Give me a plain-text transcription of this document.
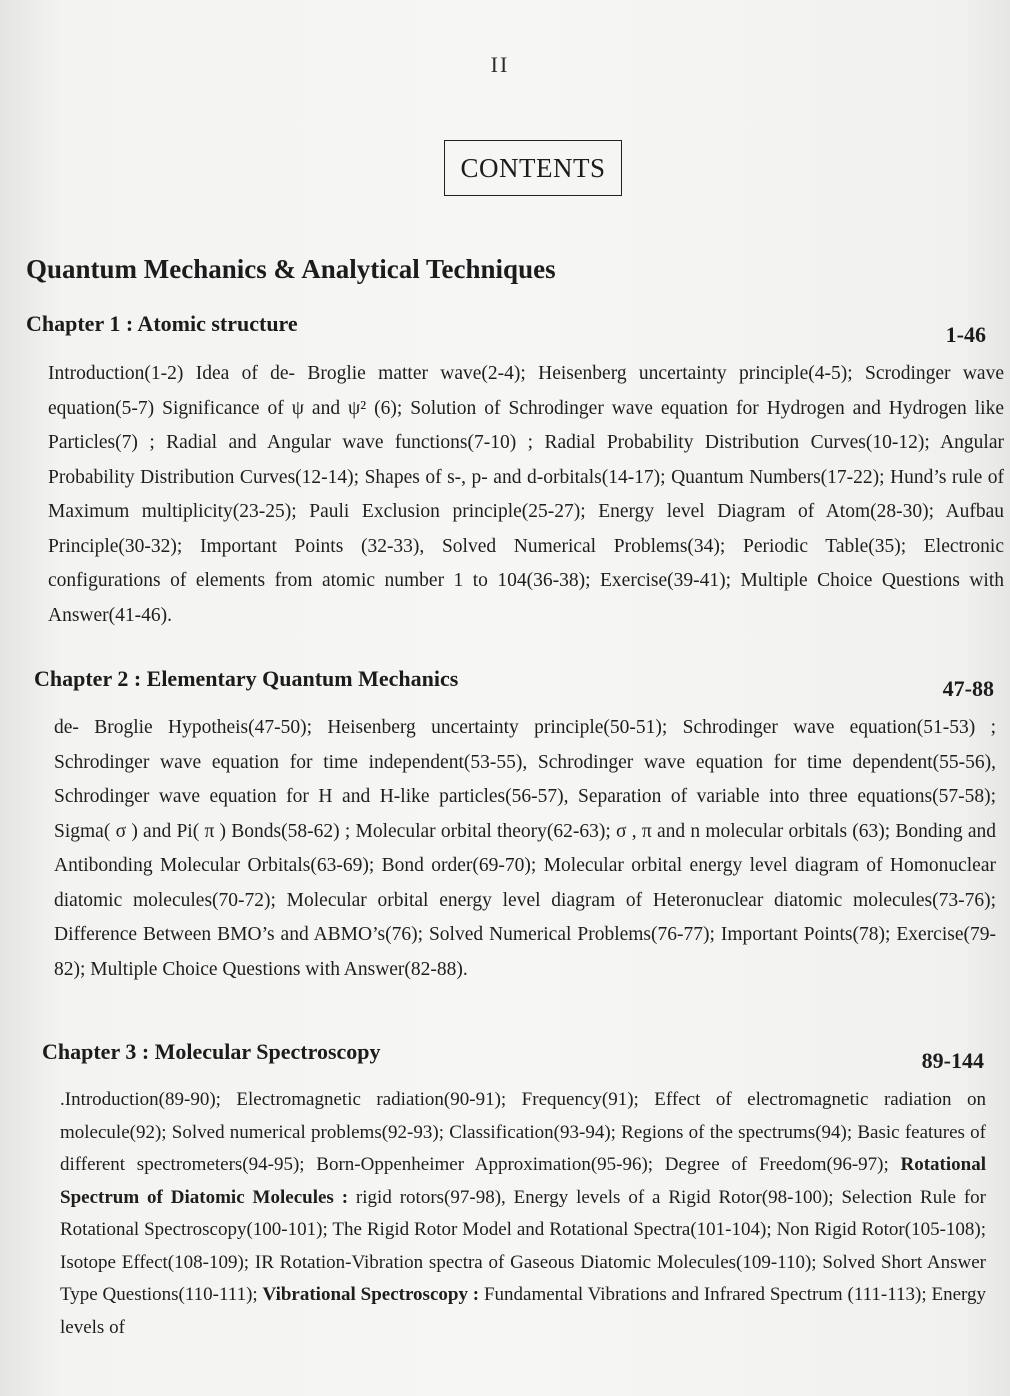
II
CONTENTS
Quantum Mechanics & Analytical Techniques
Chapter 1 : Atomic structure	1-46
Introduction(1-2) Idea of de- Broglie matter wave(2-4); Heisenberg uncertainty principle(4-5); Scrodinger wave equation(5-7) Significance of ψ and ψ² (6); Solution of Schrodinger wave equation for Hydrogen and Hydrogen like Particles(7) ; Radial and Angular wave functions(7-10) ; Radial Probability Distribution Curves(10-12); Angular Probability Distribution Curves(12-14); Shapes of s-, p- and d-orbitals(14-17); Quantum Numbers(17-22); Hund’s rule of Maximum multiplicity(23-25); Pauli Exclusion principle(25-27); Energy level Diagram of Atom(28-30); Aufbau Principle(30-32); Important Points (32-33), Solved Numerical Problems(34); Periodic Table(35); Electronic configurations of elements from atomic number 1 to 104(36-38); Exercise(39-41); Multiple Choice Questions with Answer(41-46).
Chapter 2 : Elementary Quantum Mechanics	47-88
de- Broglie Hypotheis(47-50); Heisenberg uncertainty principle(50-51); Schrodinger wave equation(51-53) ; Schrodinger wave equation for time independent(53-55), Schrodinger wave equation for time dependent(55-56), Schrodinger wave equation for H and H-like particles(56-57), Separation of variable into three equations(57-58); Sigma( σ ) and Pi( π ) Bonds(58-62) ; Molecular orbital theory(62-63); σ , π and n molecular orbitals (63); Bonding and Antibonding Molecular Orbitals(63-69); Bond order(69-70); Molecular orbital energy level diagram of Homonuclear diatomic molecules(70-72); Molecular orbital energy level diagram of Heteronuclear diatomic molecules(73-76); Difference Between BMO’s and ABMO’s(76); Solved Numerical Problems(76-77); Important Points(78); Exercise(79-82); Multiple Choice Questions with Answer(82-88).
Chapter 3 : Molecular Spectroscopy	89-144
.Introduction(89-90); Electromagnetic radiation(90-91); Frequency(91); Effect of electromagnetic radiation on molecule(92); Solved numerical problems(92-93); Classification(93-94); Regions of the spectrums(94); Basic features of different spectrometers(94-95); Born-Oppenheimer Approximation(95-96); Degree of Freedom(96-97); Rotational Spectrum of Diatomic Molecules : rigid rotors(97-98), Energy levels of a Rigid Rotor(98-100); Selection Rule for Rotational Spectroscopy(100-101); The Rigid Rotor Model and Rotational Spectra(101-104); Non Rigid Rotor(105-108); Isotope Effect(108-109); IR Rotation-Vibration spectra of Gaseous Diatomic Molecules(109-110); Solved Short Answer Type Questions(110-111); Vibrational Spectroscopy : Fundamental Vibrations and Infrared Spectrum (111-113); Energy levels of
